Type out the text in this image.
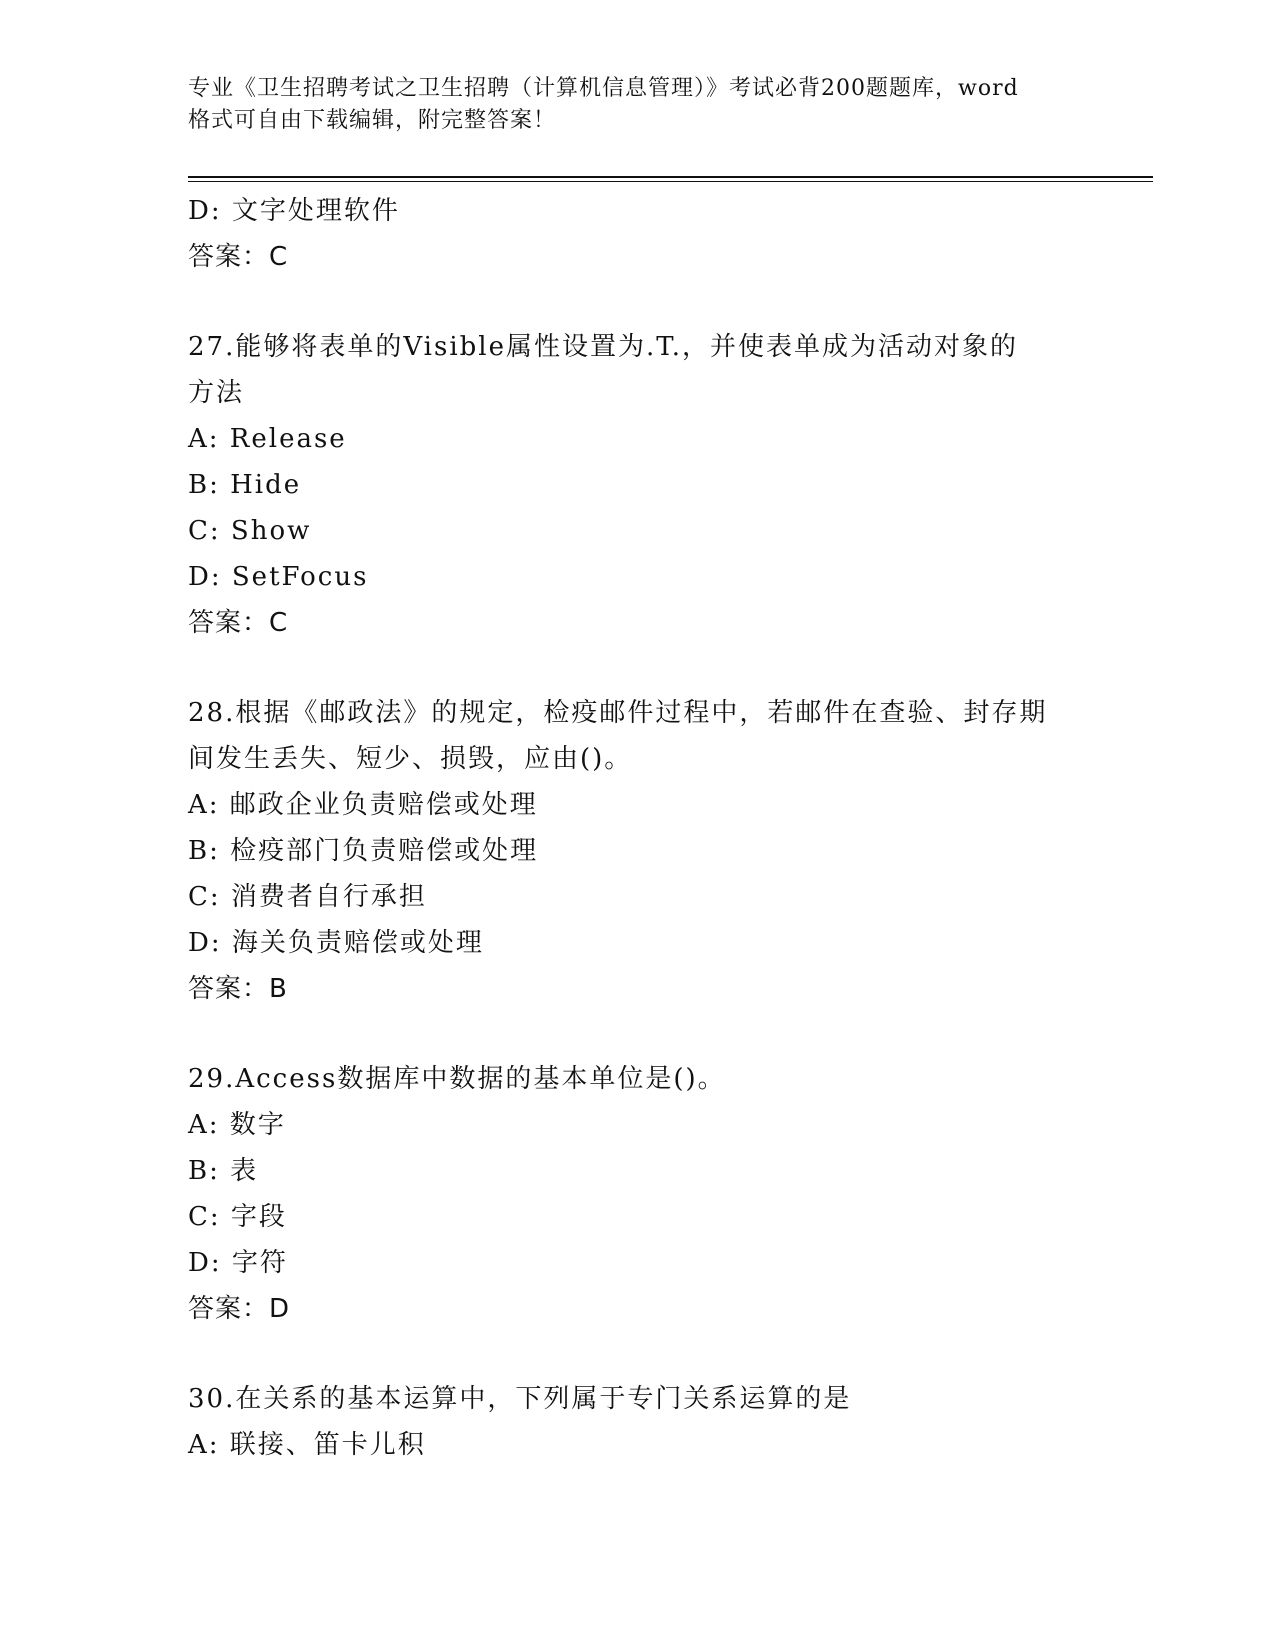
专业《卫生招聘考试之卫生招聘（计算机信息管理）》考试必背200题题库，word
格式可自由下载编辑，附完整答案！
D: 文字处理软件
答案：C
27.能够将表单的Visible属性设置为.T.，并使表单成为活动对象的
方法
A: Release
B: Hide
C: Show
D: SetFocus
答案：C
28.根据《邮政法》的规定，检疫邮件过程中，若邮件在查验、封存期
间发生丢失、短少、损毁，应由()。
A: 邮政企业负责赔偿或处理
B: 检疫部门负责赔偿或处理
C: 消费者自行承担
D: 海关负责赔偿或处理
答案：B
29.Access数据库中数据的基本单位是()。
A: 数字
B: 表
C: 字段
D: 字符
答案：D
30.在关系的基本运算中，下列属于专门关系运算的是
A: 联接、笛卡儿积
